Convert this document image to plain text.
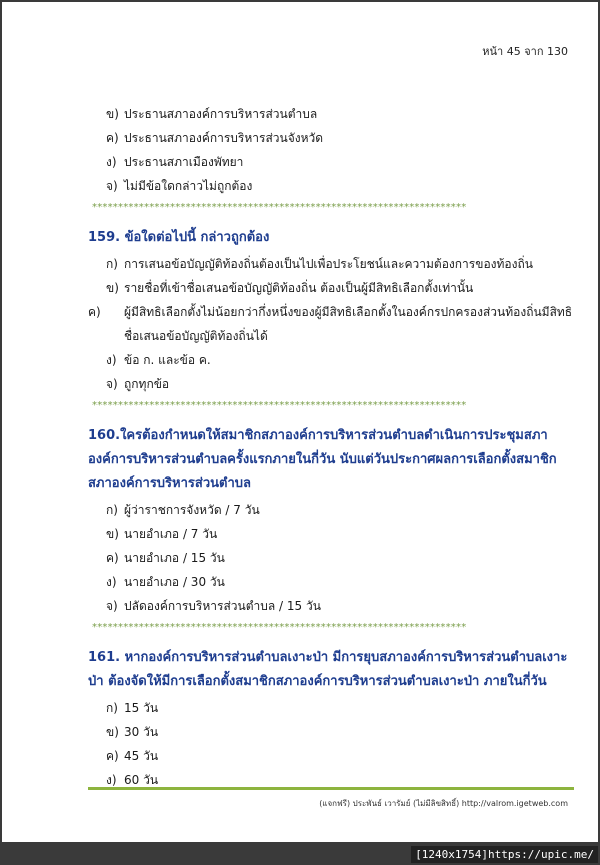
หน้า 45 จาก 130
ข) ประธานสภาองค์การบริหารส่วนตำบล
ค) ประธานสภาองค์การบริหารส่วนจังหวัด
ง) ประธานสภาเมืองพัทยา
จ) ไม่มีข้อใดกล่าวไม่ถูกต้อง
************************************************************************
159. ข้อใดต่อไปนี้ กล่าวถูกต้อง
ก) การเสนอข้อบัญญัติท้องถิ่นต้องเป็นไปเพื่อประโยชน์และความต้องการของท้องถิ่น
ข) รายชื่อที่เข้าชื่อเสนอข้อบัญญัติท้องถิ่น ต้องเป็นผู้มีสิทธิเลือกตั้งเท่านั้น
ค) ผู้มีสิทธิเลือกตั้งไม่น้อยกว่ากึ่งหนึ่งของผู้มีสิทธิเลือกตั้งในองค์กรปกครองส่วนท้องถิ่นมีสิทธิชื่อเสนอข้อบัญญัติท้องถิ่นได้
ง) ข้อ ก. และข้อ ค.
จ) ถูกทุกข้อ
************************************************************************
160.ใครต้องกำหนดให้สมาชิกสภาองค์การบริหารส่วนตำบลดำเนินการประชุมสภาองค์การบริหารส่วนตำบลครั้งแรกภายในกี่วัน นับแต่วันประกาศผลการเลือกตั้งสมาชิกสภาองค์การบริหารส่วนตำบล
ก) ผู้ว่าราชการจังหวัด / 7 วัน
ข) นายอำเภอ / 7 วัน
ค) นายอำเภอ / 15 วัน
ง) นายอำเภอ / 30 วัน
จ) ปลัดองค์การบริหารส่วนตำบล / 15 วัน
************************************************************************
161. หากองค์การบริหารส่วนตำบลเงาะป่า มีการยุบสภาองค์การบริหารส่วนตำบลเงาะป่า ต้องจัดให้มีการเลือกตั้งสมาชิกสภาองค์การบริหารส่วนตำบลเงาะป่า ภายในกี่วัน
ก) 15 วัน
ข) 30 วัน
ค) 45 วัน
ง) 60 วัน
(แจกฟรี) ประพันธ์ เวารัมย์ (ไม่มีลิขสิทธิ์) http://valrom.igetweb.com
[1240x1754]https://upic.me/
